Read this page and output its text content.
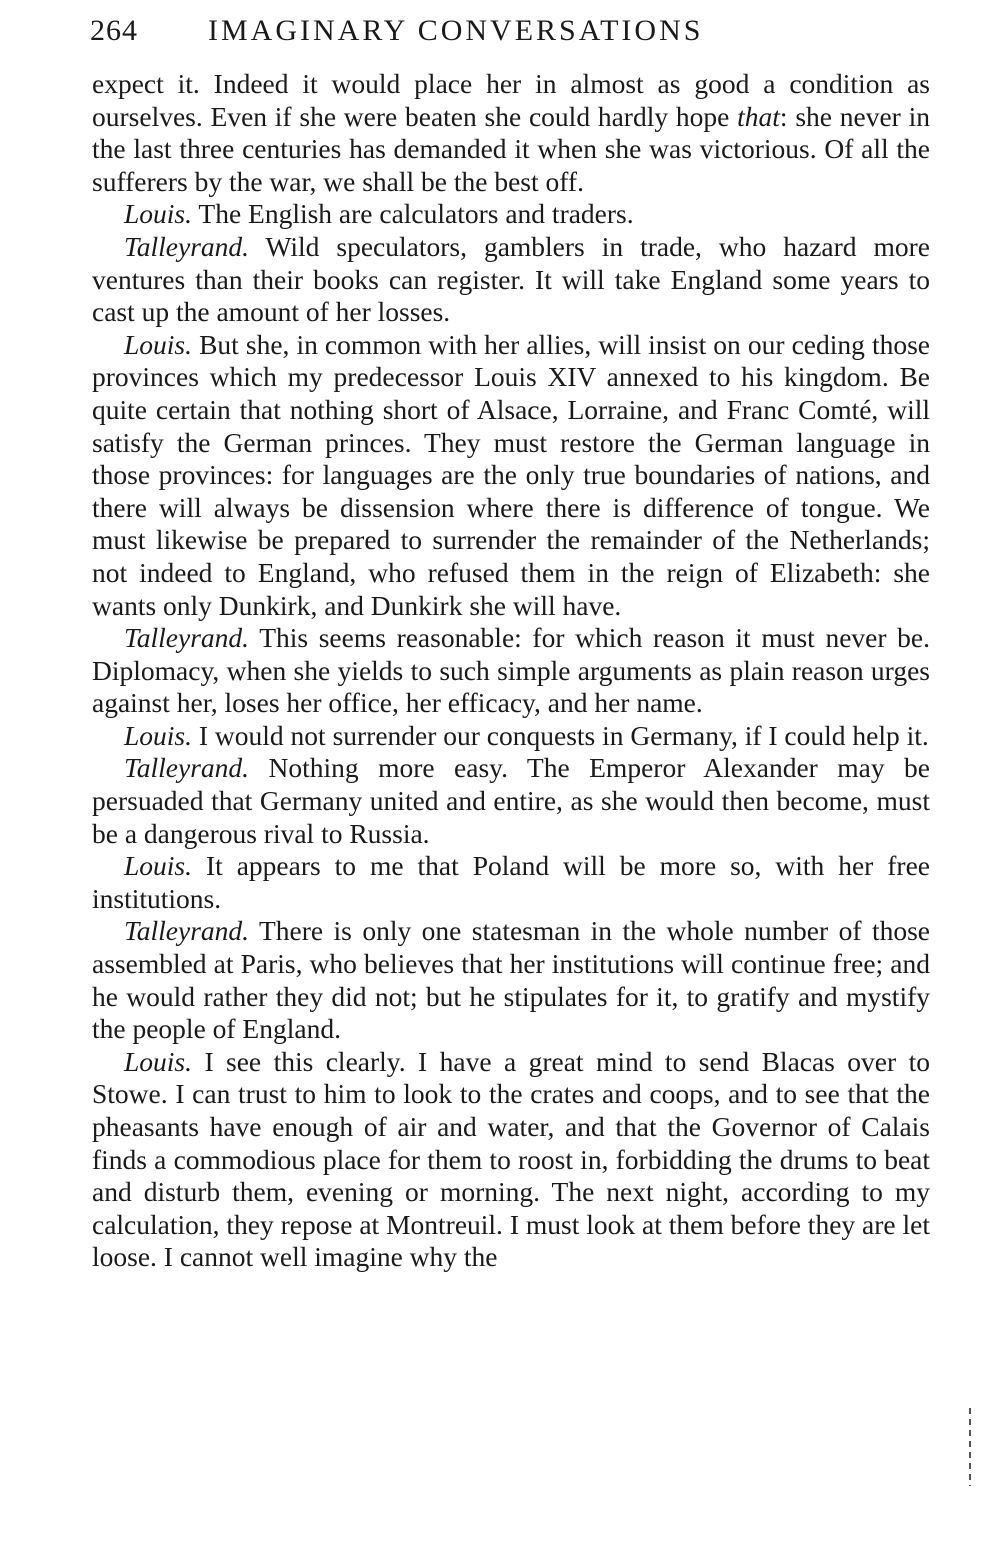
264 IMAGINARY CONVERSATIONS

expect it. Indeed it would place her in almost as good a condition as ourselves. Even if she were beaten she could hardly hope that: she never in the last three centuries has demanded it when she was victorious. Of all the sufferers by the war, we shall be the best off.

Louis. The English are calculators and traders.

Talleyrand. Wild speculators, gamblers in trade, who hazard more ventures than their books can register. It will take England some years to cast up the amount of her losses.

Louis. But she, in common with her allies, will insist on our ceding those provinces which my predecessor Louis XIV annexed to his kingdom. Be quite certain that nothing short of Alsace, Lorraine, and Franc Comté, will satisfy the German princes. They must restore the German language in those provinces: for languages are the only true boundaries of nations, and there will always be dissension where there is difference of tongue. We must likewise be prepared to surrender the remainder of the Netherlands; not indeed to England, who refused them in the reign of Elizabeth: she wants only Dunkirk, and Dunkirk she will have.

Talleyrand. This seems reasonable: for which reason it must never be. Diplomacy, when she yields to such simple arguments as plain reason urges against her, loses her office, her efficacy, and her name.

Louis. I would not surrender our conquests in Germany, if I could help it.

Talleyrand. Nothing more easy. The Emperor Alexander may be persuaded that Germany united and entire, as she would then become, must be a dangerous rival to Russia.

Louis. It appears to me that Poland will be more so, with her free institutions.

Talleyrand. There is only one statesman in the whole number of those assembled at Paris, who believes that her institutions will continue free; and he would rather they did not; but he stipulates for it, to gratify and mystify the people of England.

Louis. I see this clearly. I have a great mind to send Blacas over to Stowe. I can trust to him to look to the crates and coops, and to see that the pheasants have enough of air and water, and that the Governor of Calais finds a commodious place for them to roost in, forbidding the drums to beat and disturb them, evening or morning. The next night, according to my calculation, they repose at Montreuil. I must look at them before they are let loose. I cannot well imagine why the
